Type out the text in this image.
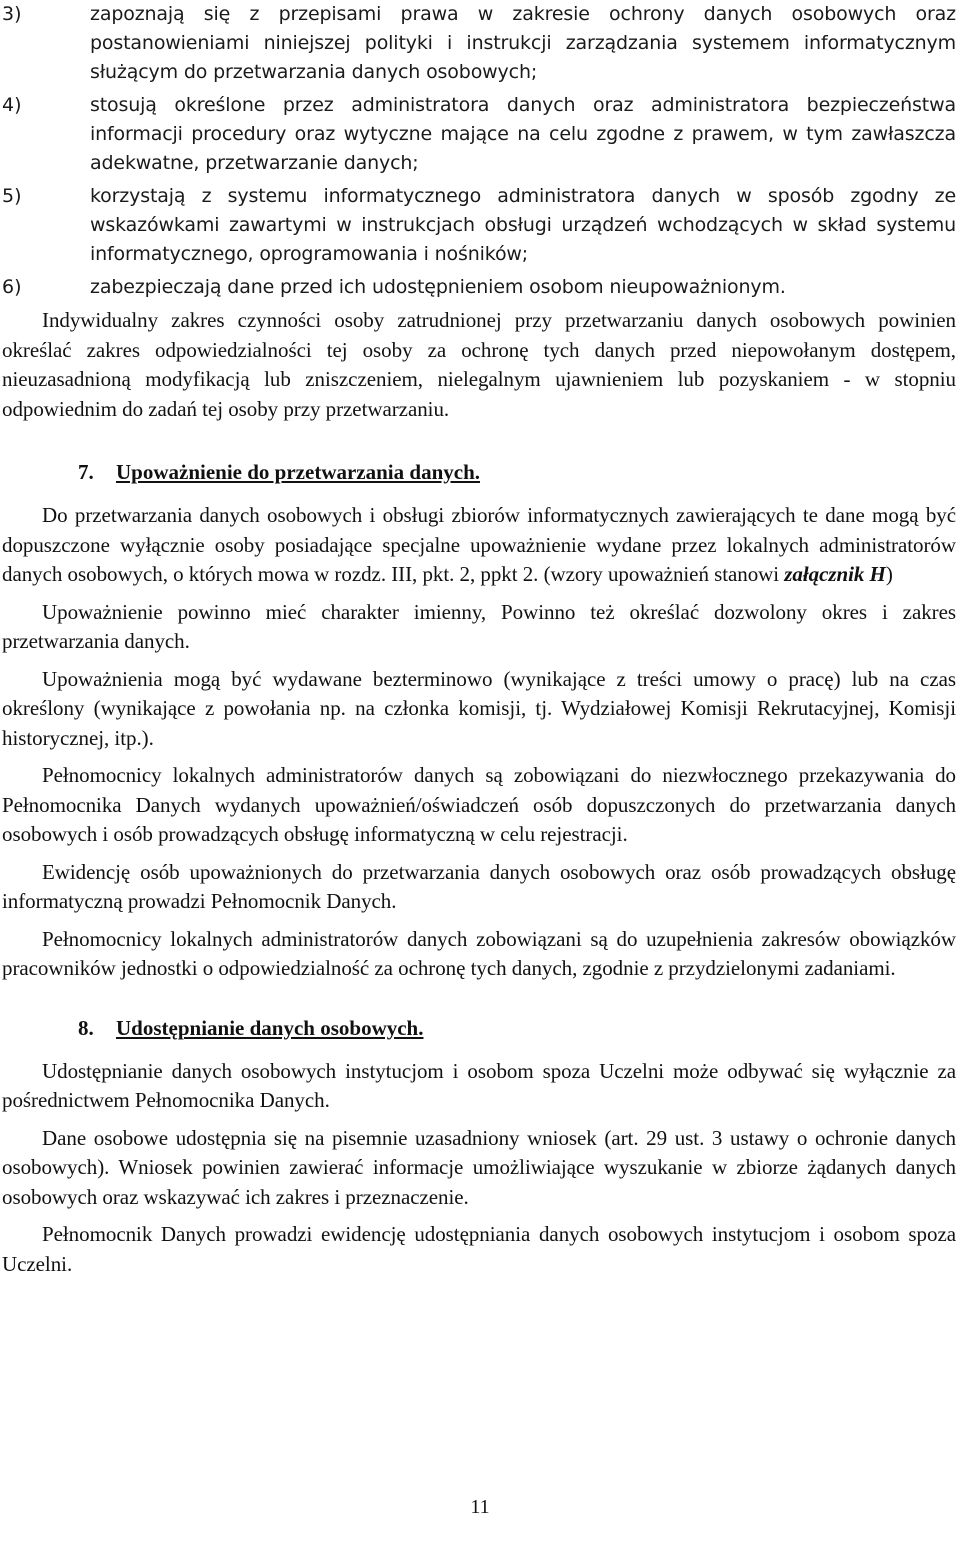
3)	zapoznają się z przepisami prawa w zakresie ochrony danych osobowych oraz postanowieniami niniejszej polityki i instrukcji zarządzania systemem informatycznym służącym do przetwarzania danych osobowych;
4)	stosują określone przez administratora danych oraz administratora bezpieczeństwa informacji procedury oraz wytyczne mające na celu zgodne z prawem, w tym zawłaszcza adekwatne, przetwarzanie danych;
5)	korzystają z systemu informatycznego administratora danych w sposób zgodny ze wskazówkami zawartymi w instrukcjach obsługi urządzeń wchodzących w skład systemu informatycznego, oprogramowania i nośników;
6)	zabezpieczają dane przed ich udostępnieniem osobom nieupoważnionym.

Indywidualny zakres czynności osoby zatrudnionej przy przetwarzaniu danych osobowych powinien określać zakres odpowiedzialności tej osoby za ochronę tych danych przed niepowołanym dostępem, nieuzasadnioną modyfikacją lub zniszczeniem, nielegalnym ujawnieniem lub pozyskaniem - w stopniu odpowiednim do zadań tej osoby przy przetwarzaniu.

7.	Upoważnienie do przetwarzania danych.

Do przetwarzania danych osobowych i obsługi zbiorów informatycznych zawierających te dane mogą być dopuszczone wyłącznie osoby posiadające specjalne upoważnienie wydane przez lokalnych administratorów danych osobowych, o których mowa w rozdz. III, pkt. 2, ppkt 2. (wzory upoważnień stanowi załącznik H)

Upoważnienie powinno mieć charakter imienny, Powinno też określać dozwolony okres i zakres przetwarzania danych.

Upoważnienia mogą być wydawane bezterminowo (wynikające z treści umowy o pracę) lub na czas określony (wynikające z powołania np. na członka komisji, tj. Wydziałowej Komisji Rekrutacyjnej, Komisji historycznej, itp.).

Pełnomocnicy lokalnych administratorów danych są zobowiązani do niezwłocznego przekazywania do Pełnomocnika Danych wydanych upoważnień/oświadczeń osób dopuszczonych do przetwarzania danych osobowych i osób prowadzących obsługę informatyczną w celu rejestracji.

Ewidencję osób upoważnionych do przetwarzania danych osobowych oraz osób prowadzących obsługę informatyczną prowadzi Pełnomocnik Danych.

Pełnomocnicy lokalnych administratorów danych zobowiązani są do uzupełnienia zakresów obowiązków pracowników jednostki o odpowiedzialność za ochronę tych danych, zgodnie z przydzielonymi zadaniami.

8.	Udostępnianie danych osobowych.

Udostępnianie danych osobowych instytucjom i osobom spoza Uczelni może odbywać się wyłącznie za pośrednictwem Pełnomocnika Danych.

Dane osobowe udostępnia się na pisemnie uzasadniony wniosek (art. 29 ust. 3 ustawy o ochronie danych osobowych). Wniosek powinien zawierać informacje umożliwiające wyszukanie w zbiorze żądanych danych osobowych oraz wskazywać ich zakres i przeznaczenie.

Pełnomocnik Danych prowadzi ewidencję udostępniania danych osobowych instytucjom i osobom spoza Uczelni.

11
